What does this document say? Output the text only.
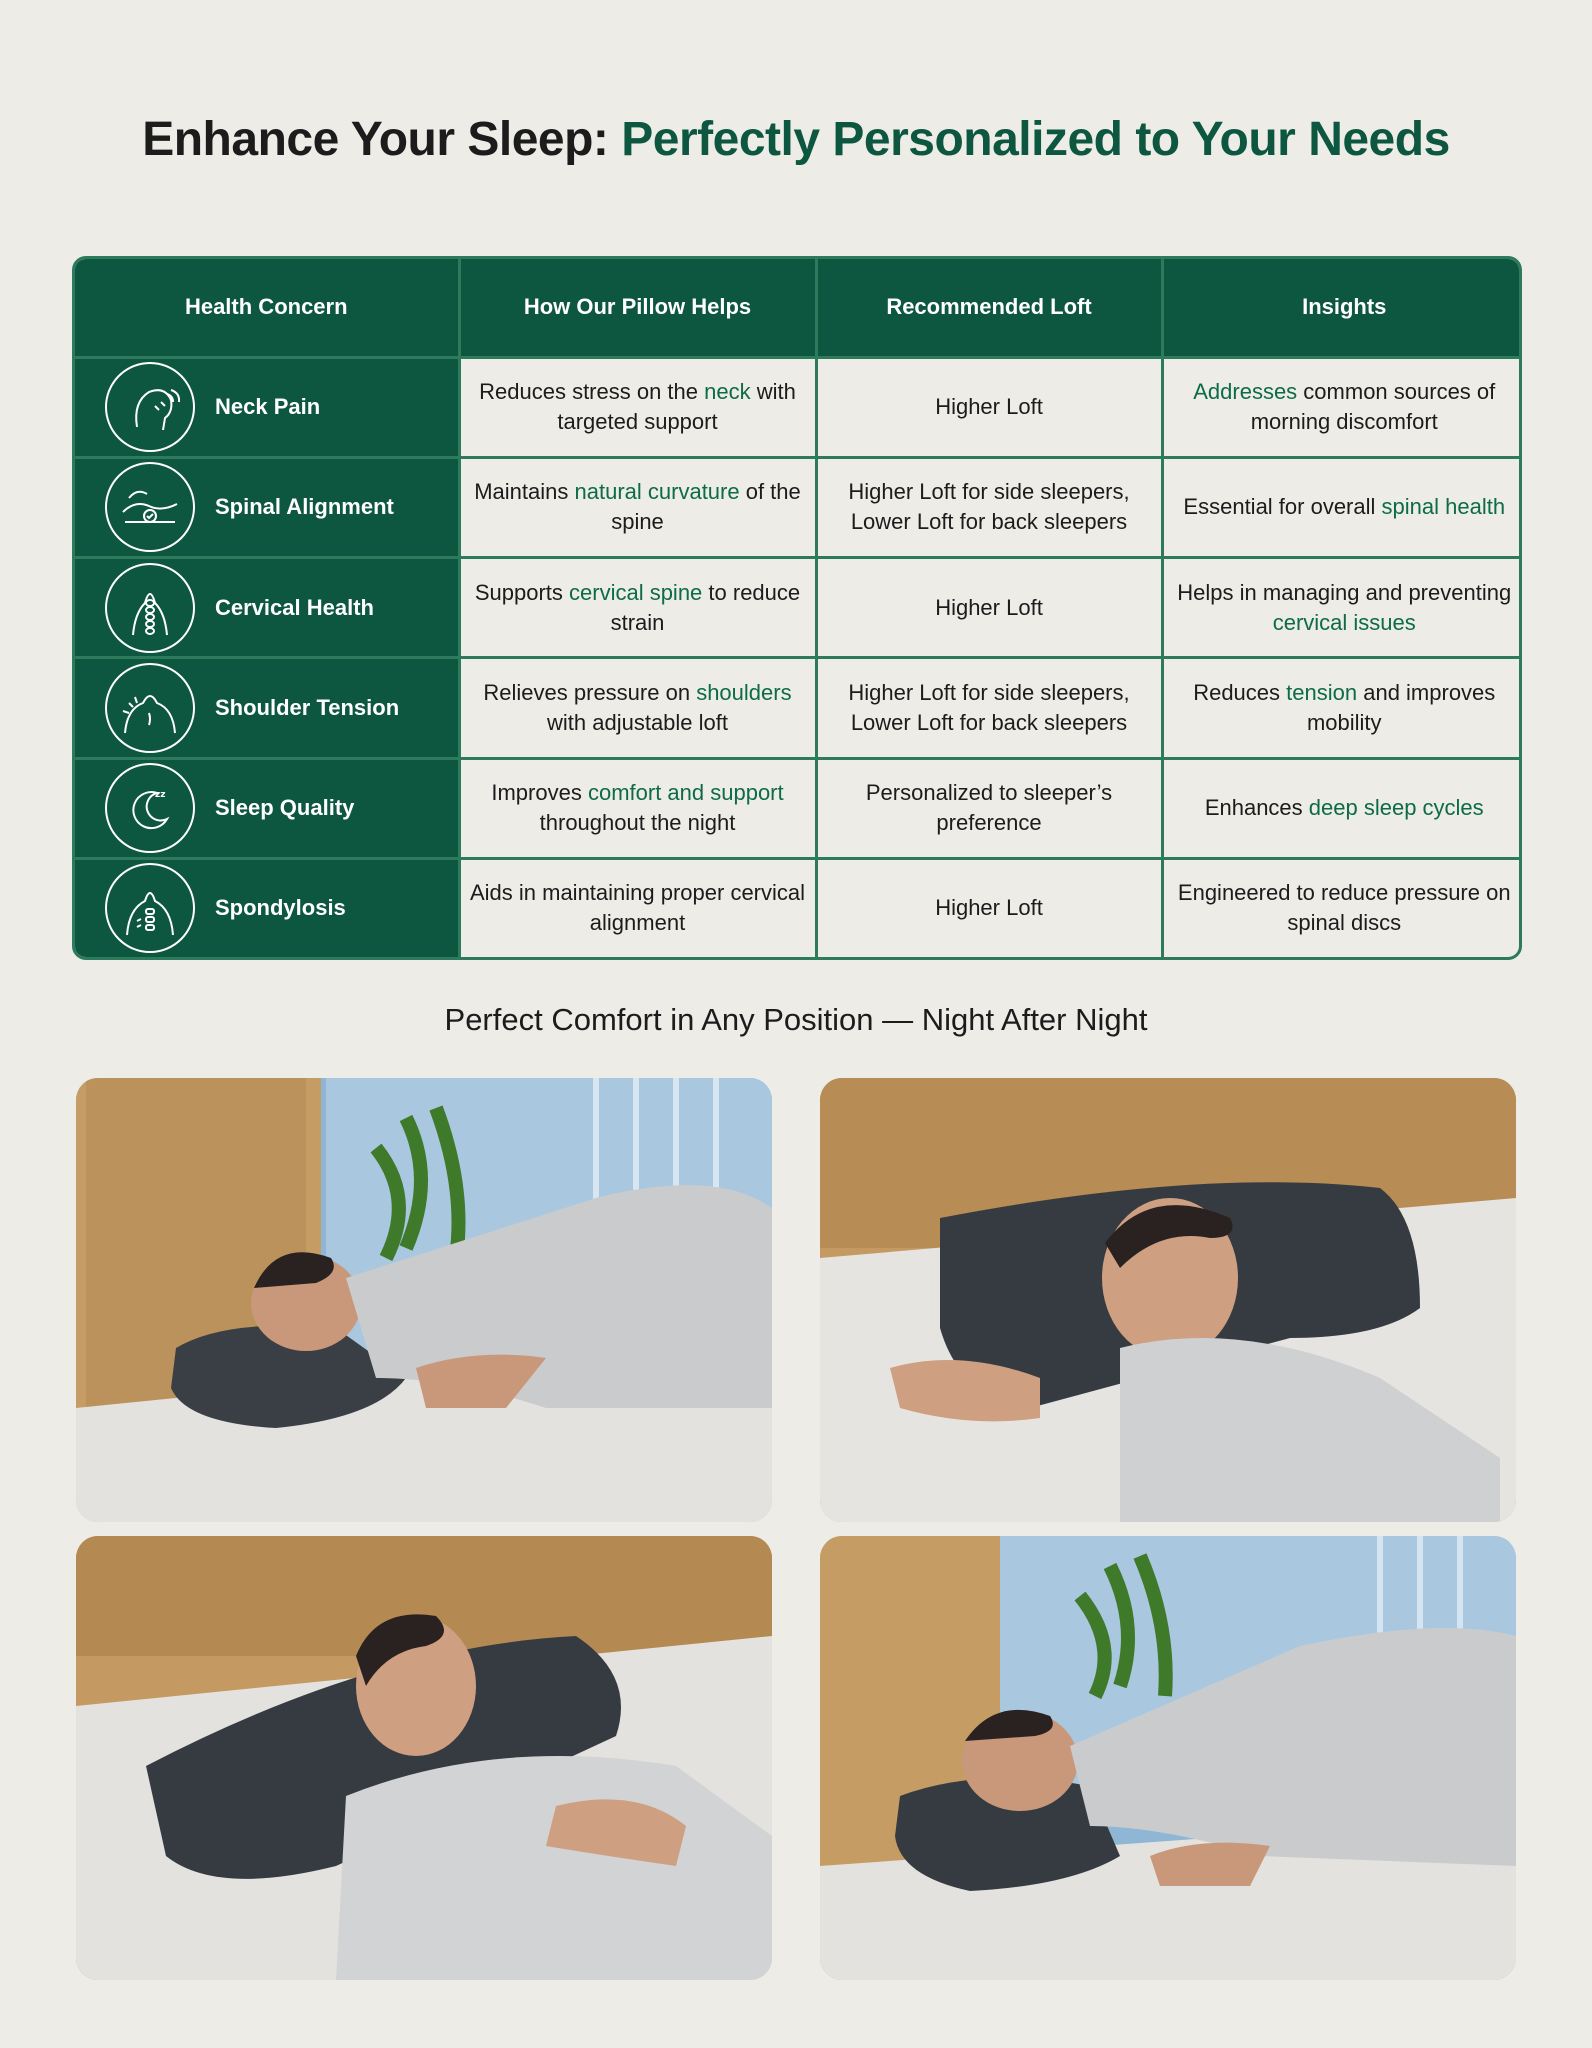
Enhance Your Sleep: Perfectly Personalized to Your Needs
Health Concern	How Our Pillow Helps	Recommended Loft	Insights

Neck Pain	Reduces stress on the neck with targeted support	Higher Loft	Addresses common sources of morning discomfort

Spinal Alignment	Maintains natural curvature of the spine	Higher Loft for side sleepers, Lower Loft for back sleepers	Essential for overall spinal health

Cervical Health	Supports cervical spine to reduce strain	Higher Loft	Helps in managing and preventing cervical issues

Shoulder Tension	Relieves pressure on shoulders with adjustable loft	Higher Loft for side sleepers, Lower Loft for back sleepers	Reduces tension and improves mobility

zz Sleep Quality	Improves comfort and support throughout the night	Personalized to sleeper’s preference	Enhances deep sleep cycles

Spondylosis	Aids in maintaining proper cervical alignment	Higher Loft	Engineered to reduce pressure on spinal discs
Perfect Comfort in Any Position — Night After Night
